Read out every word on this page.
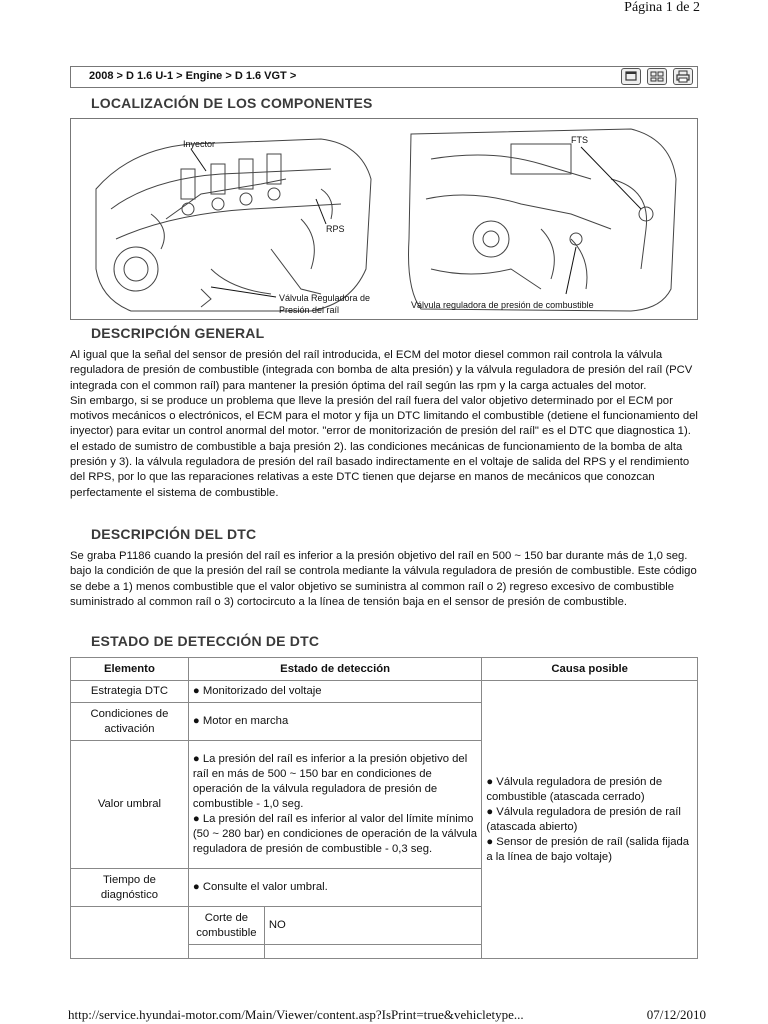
Página 1 de 2
2008 > D 1.6 U-1 > Engine > D 1.6 VGT >
LOCALIZACIÓN DE LOS COMPONENTES
Inyector
RPS
Válvula Reguladora de
Presión del raíl
FTS
Válvula reguladora de presión de combustible
DESCRIPCIÓN GENERAL

Al igual que la señal del sensor de presión del raíl introducida, el ECM del motor diesel common rail controla la válvula reguladora de presión de combustible (integrada con bomba de alta presión) y la válvula reguladora de presión del raíl (PCV integrada con el common raíl) para mantener la presión óptima del raíl según las rpm y la carga actuales del motor.

Sin embargo, si se produce un problema que lleve la presión del raíl fuera del valor objetivo determinado por el ECM por motivos mecánicos o electrónicos, el ECM para el motor y fija un DTC limitando el combustible (detiene el funcionamiento del inyector) para evitar un control anormal del motor. "error de monitorización de presión del raíl" es el DTC que diagnostica 1). el estado de sumistro de combustible a baja presión 2). las condiciones mecánicas de funcionamiento de la bomba de alta presión y 3). la válvula reguladora de presión del raíl basado indirectamente en el voltaje de salida del RPS y el rendimiento del RPS, por lo que las reparaciones relativas a este DTC tienen que dejarse en manos de mecánicos que conozcan perfectamente el sistema de combustible.

DESCRIPCIÓN DEL DTC

Se graba P1186 cuando la presión del raíl es inferior a la presión objetivo del raíl en 500 ~ 150 bar durante más de 1,0 seg. bajo la condición de que la presión del raíl se controla mediante la válvula reguladora de presión de combustible. Este código se debe a 1) menos combustible que el valor objetivo se suministra al common raíl o 2) regreso excesivo de combustible suministrado al common raíl o 3) cortocircuto a la línea de tensión baja en el sensor de presión de combustible.

ESTADO DE DETECCIÓN DE DTC
Elemento	Estado de detección		Causa posible
Estrategia DTC	● Monitorizado del voltaje		● Válvula reguladora de presión de combustible (atascada cerrado)
● Válvula reguladora de presión de raíl (atascada abierto)
● Sensor de presión de raíl (salida fijada a la línea de bajo voltaje)

Condiciones de activación	● Motor en marcha		
Valor umbral	● La presión del raíl es inferior a la presión objetivo del raíl en más de 500 ~ 150 bar en condiciones de operación de la válvula reguladora de presión de combustible - 1,0 seg.
● La presión del raíl es inferior al valor del límite mínimo (50 ~ 280 bar) en condiciones de operación de la válvula reguladora de presión de combustible - 0,3 seg.		

Tiempo de diagnóstico	● Consulte el valor umbral.		
	Corte de combustible	NO	

http://service.hyundai-motor.com/Main/Viewer/content.asp?IsPrint=true&vehicletype...	07/12/2010
